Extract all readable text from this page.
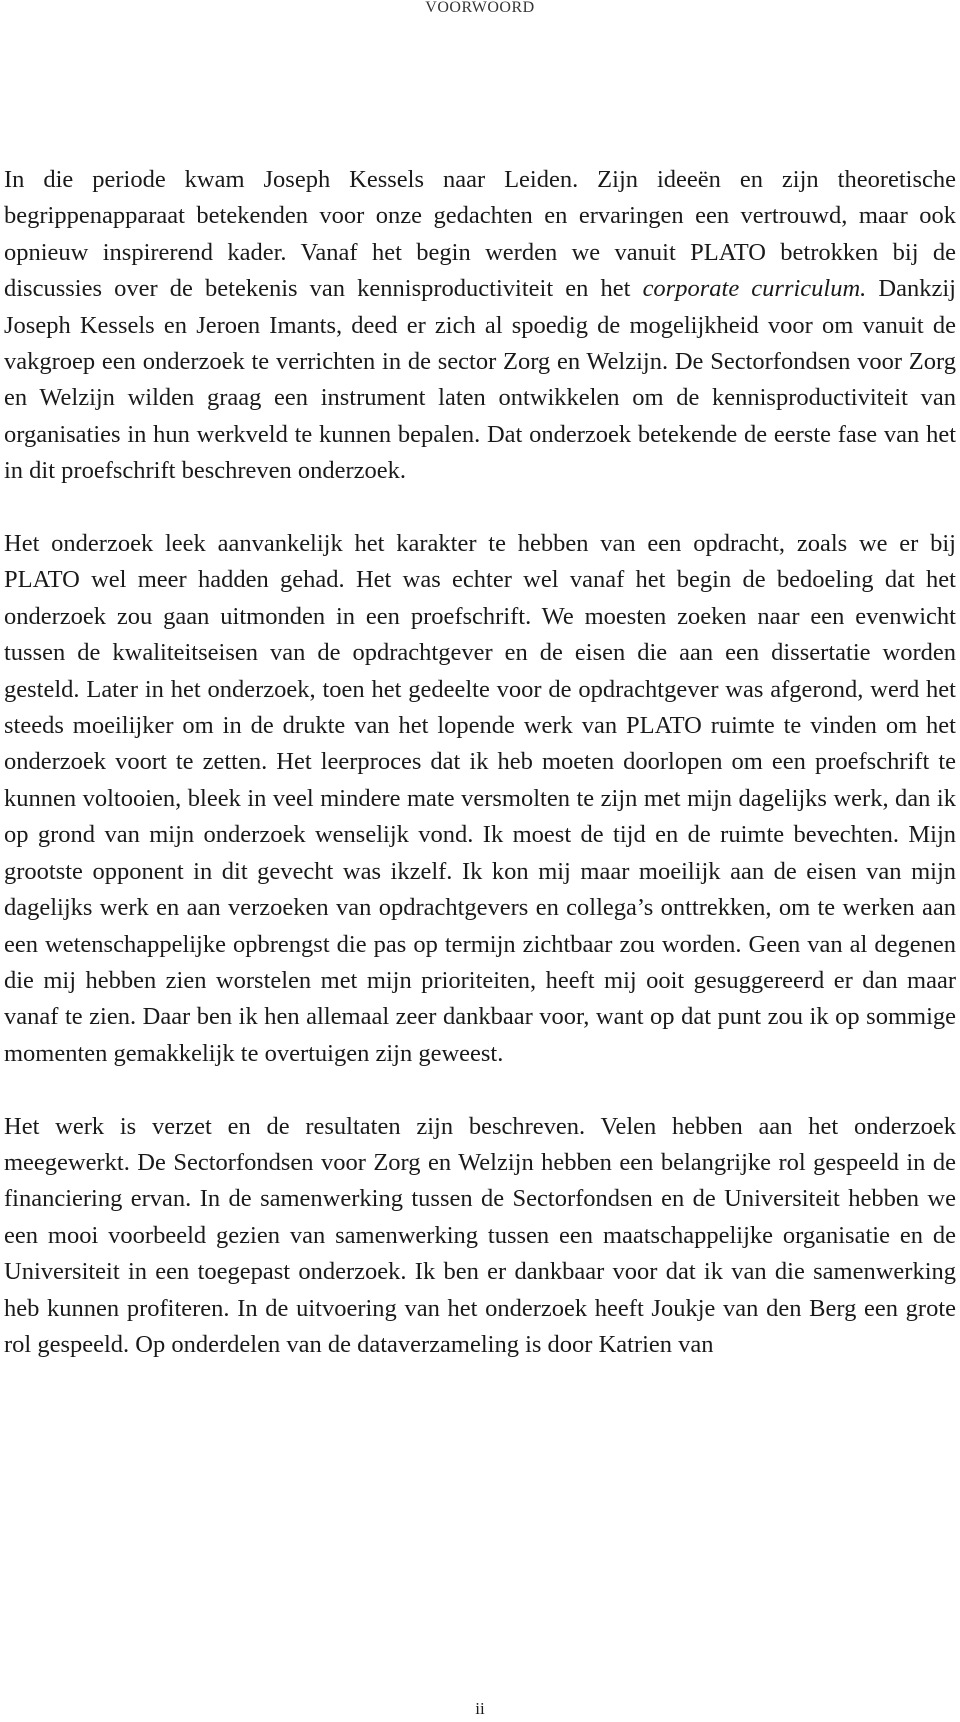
VOORWOORD

In die periode kwam Joseph Kessels naar Leiden. Zijn ideeën en zijn theoretische begrippenapparaat betekenden voor onze gedachten en ervaringen een vertrouwd, maar ook opnieuw inspirerend kader. Vanaf het begin werden we vanuit PLATO betrokken bij de discussies over de betekenis van kennisproductiviteit en het corporate curriculum. Dankzij Joseph Kessels en Jeroen Imants, deed er zich al spoedig de mogelijkheid voor om vanuit de vakgroep een onderzoek te verrichten in de sector Zorg en Welzijn. De Sectorfondsen voor Zorg en Welzijn wilden graag een instrument laten ontwikkelen om de kennisproductiviteit van organisaties in hun werkveld te kunnen bepalen. Dat onderzoek betekende de eerste fase van het in dit proefschrift beschreven onderzoek.

Het onderzoek leek aanvankelijk het karakter te hebben van een opdracht, zoals we er bij PLATO wel meer hadden gehad. Het was echter wel vanaf het begin de bedoeling dat het onderzoek zou gaan uitmonden in een proefschrift. We moesten zoeken naar een evenwicht tussen de kwaliteitseisen van de opdrachtgever en de eisen die aan een dissertatie worden gesteld. Later in het onderzoek, toen het gedeelte voor de opdrachtgever was afgerond, werd het steeds moeilijker om in de drukte van het lopende werk van PLATO ruimte te vinden om het onderzoek voort te zetten. Het leerproces dat ik heb moeten doorlopen om een proefschrift te kunnen voltooien, bleek in veel mindere mate versmolten te zijn met mijn dagelijks werk, dan ik op grond van mijn onderzoek wenselijk vond. Ik moest de tijd en de ruimte bevechten. Mijn grootste opponent in dit gevecht was ikzelf. Ik kon mij maar moeilijk aan de eisen van mijn dagelijks werk en aan verzoeken van opdrachtgevers en collega’s onttrekken, om te werken aan een wetenschappelijke opbrengst die pas op termijn zichtbaar zou worden. Geen van al degenen die mij hebben zien worstelen met mijn prioriteiten, heeft mij ooit gesuggereerd er dan maar vanaf te zien. Daar ben ik hen allemaal zeer dankbaar voor, want op dat punt zou ik op sommige momenten gemakkelijk te overtuigen zijn geweest.

Het werk is verzet en de resultaten zijn beschreven. Velen hebben aan het onderzoek meegewerkt. De Sectorfondsen voor Zorg en Welzijn hebben een belangrijke rol gespeeld in de financiering ervan. In de samenwerking tussen de Sectorfondsen en de Universiteit hebben we een mooi voorbeeld gezien van samenwerking tussen een maatschappelijke organisatie en de Universiteit in een toegepast onderzoek. Ik ben er dankbaar voor dat ik van die samenwerking heb kunnen profiteren. In de uitvoering van het onderzoek heeft Joukje van den Berg een grote rol gespeeld. Op onderdelen van de dataverzameling is door Katrien van

ii
